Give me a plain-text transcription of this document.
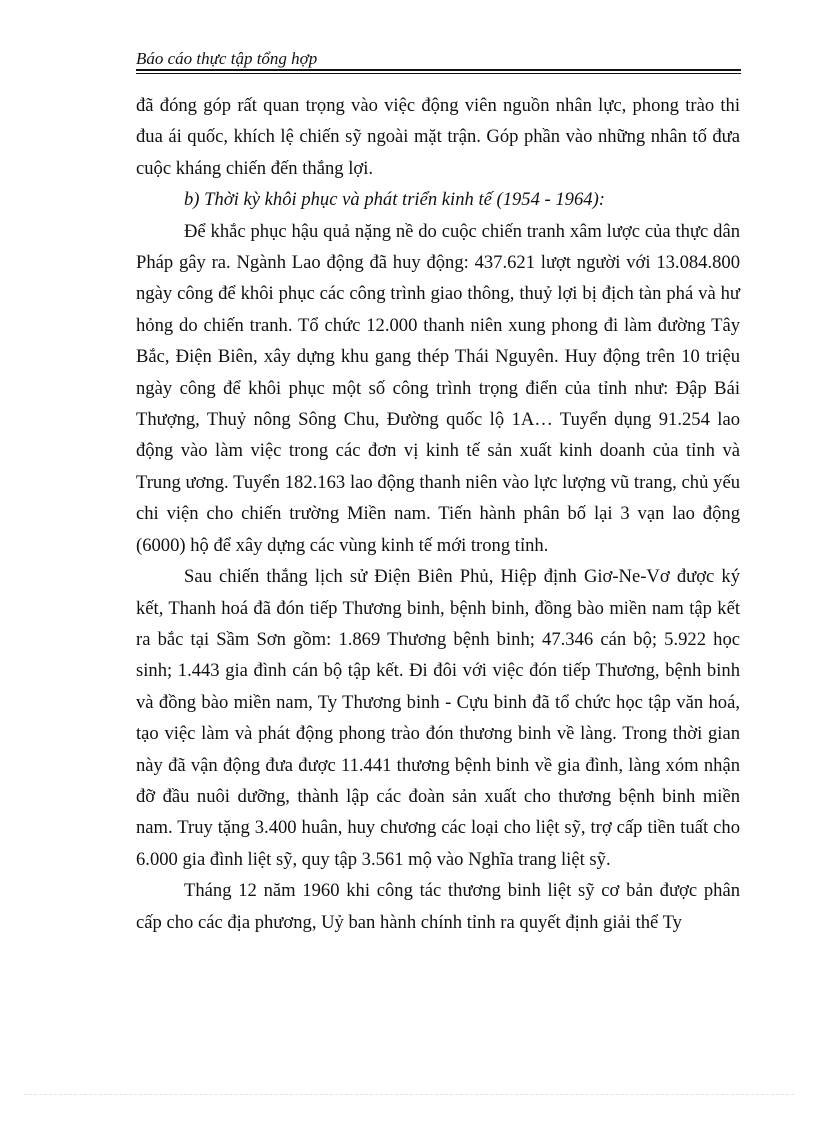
Báo cáo thực tập tổng hợp

đã đóng góp rất quan trọng vào việc động viên nguồn nhân lực, phong trào thi đua ái quốc, khích lệ chiến sỹ ngoài mặt trận. Góp phần vào những nhân tố đưa cuộc kháng chiến đến thắng lợi.

b) Thời kỳ khôi phục và phát triển kinh tế (1954 - 1964):

Để khắc phục hậu quả nặng nề do cuộc chiến tranh xâm lược của thực dân Pháp gây ra. Ngành Lao động đã huy động: 437.621 lượt người với 13.084.800 ngày công để khôi phục các công trình giao thông, thuỷ lợi bị địch tàn phá và hư hỏng do chiến tranh. Tổ chức 12.000 thanh niên xung phong đi làm đường Tây Bắc, Điện Biên, xây dựng khu gang thép Thái Nguyên. Huy động trên 10 triệu ngày công để khôi phục một số công trình trọng điển của tỉnh như: Đập Bái Thượng, Thuỷ nông Sông Chu, Đường quốc lộ 1A… Tuyển dụng 91.254 lao động vào làm việc trong các đơn vị kinh tế sản xuất kinh doanh của tỉnh và Trung ương. Tuyển 182.163 lao động thanh niên vào lực lượng vũ trang, chủ yếu chi viện cho chiến trường Miền nam. Tiến hành phân bố lại 3 vạn lao động (6000) hộ để xây dựng các vùng kinh tế mới trong tỉnh.

Sau chiến thắng lịch sử Điện Biên Phủ, Hiệp định Giơ-Ne-Vơ được ký kết, Thanh hoá đã đón tiếp Thương binh, bệnh binh, đồng bào miền nam tập kết ra bắc tại Sầm Sơn gồm: 1.869 Thương bệnh binh; 47.346 cán bộ; 5.922 học sinh; 1.443 gia đình cán bộ tập kết. Đi đôi với việc đón tiếp Thương, bệnh binh và đồng bào miền nam, Ty Thương binh - Cựu binh đã tổ chức học tập văn hoá, tạo việc làm và phát động phong trào đón thương binh về làng. Trong thời gian này đã vận động đưa được 11.441 thương bệnh binh về gia đình, làng xóm nhận đỡ đầu nuôi dưỡng, thành lập các đoàn sản xuất cho thương bệnh binh miền nam. Truy tặng 3.400 huân, huy chương các loại cho liệt sỹ, trợ cấp tiền tuất cho 6.000 gia đình liệt sỹ, quy tập 3.561 mộ vào Nghĩa trang liệt sỹ.

Tháng 12 năm 1960 khi công tác thương binh liệt sỹ cơ bản được phân cấp cho các địa phương, Uỷ ban hành chính tỉnh ra quyết định giải thể Ty
